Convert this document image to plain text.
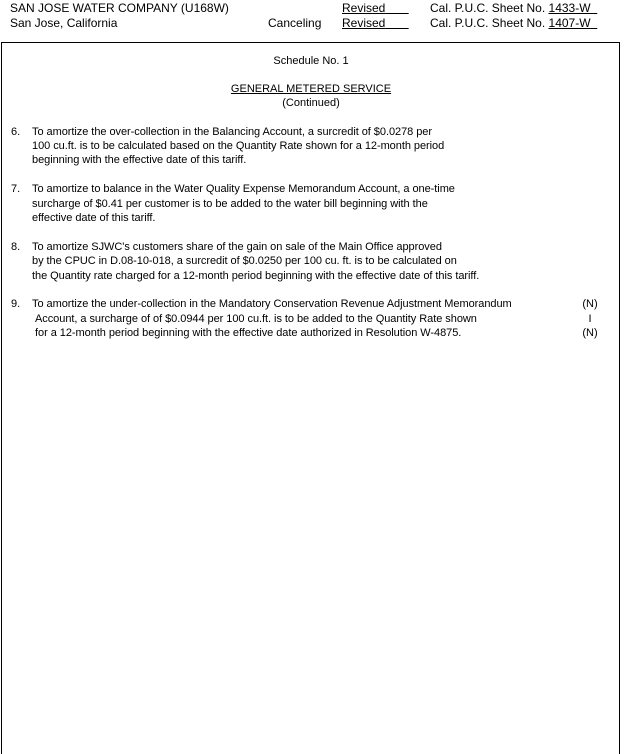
SAN JOSE WATER COMPANY (U168W)
San Jose, California	Canceling
Revised
Revised
Cal. P.U.C. Sheet No. 1433-W
Cal. P.U.C. Sheet No. 1407-W
Schedule No. 1
GENERAL METERED SERVICE
(Continued)
6. To amortize the over-collection in the Balancing Account, a surcredit of $0.0278 per
100 cu.ft. is to be calculated based on the Quantity Rate shown for a 12-month period
beginning with the effective date of this tariff.
7. To amortize to balance in the Water Quality Expense Memorandum Account, a one-time
surcharge of $0.41 per customer is to be added to the water bill beginning with the
effective date of this tariff.
8. To amortize SJWC's customers share of the gain on sale of the Main Office approved
by the CPUC in D.08-10-018, a surcredit of $0.0250 per 100 cu. ft. is to be calculated on
the Quantity rate charged for a 12-month period beginning with the effective date of this tariff.
9. To amortize the under-collection in the Mandatory Conservation Revenue Adjustment Memorandum
Account, a surcharge of of $0.0944 per 100 cu.ft. is to be added to the Quantity Rate shown
for a 12-month period beginning with the effective date authorized in Resolution W-4875.
(N)
I
(N)
